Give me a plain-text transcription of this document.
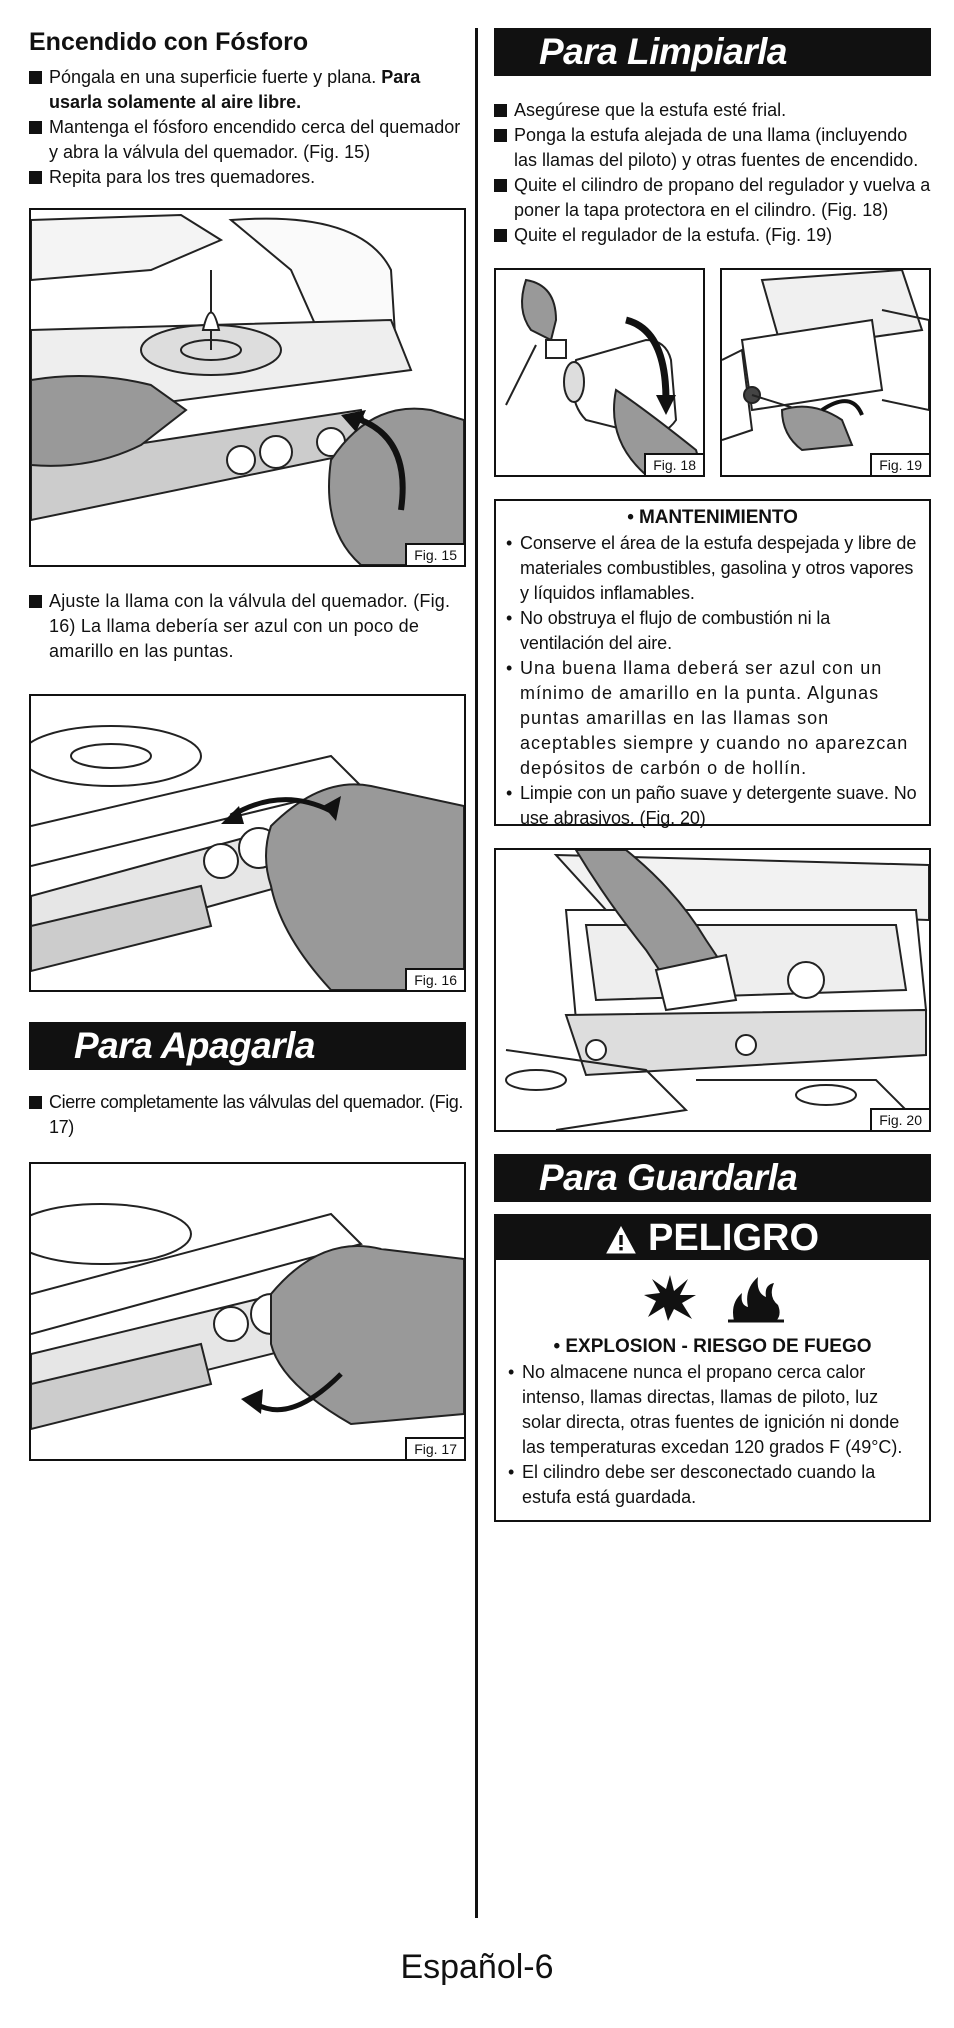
Encendido con Fósforo

Póngala en una superficie fuerte y plana. Para usarla solamente al aire libre.

Mantenga el fósforo encendido cerca del quemador y abra la válvula del quemador. (Fig. 15)

Repita para los tres quemadores.

Fig. 15

Ajuste la llama con la válvula del quemador. (Fig. 16) La llama debería ser azul con un poco de amarillo en las puntas.

Fig. 16
Para Apagarla

Cierre completamente las válvulas del quemador. (Fig. 17)

Fig. 17
Para Limpiarla

Asegúrese que la estufa esté frial.

Ponga la estufa alejada de una llama (incluyendo las llamas del piloto) y otras fuentes de encendido.

Quite el cilindro de propano del regulador y vuelva a poner la tapa protectora en el cilindro. (Fig. 18)

Quite el regulador de la estufa. (Fig. 19)

Fig. 18	Fig. 19
• MANTENIMIENTO
• Conserve el área de la estufa despejada y libre de materiales combustibles, gasolina y otros vapores y líquidos inflamables.
• No obstruya el flujo de combustión ni la ventilación del aire.
• Una buena llama deberá ser azul con un mínimo de amarillo en la punta. Algunas puntas amarillas en las llamas son aceptables siempre y cuando no aparezcan depósitos de carbón o de hollín.
• Limpie con un paño suave y detergente suave. No use abrasivos. (Fig. 20)
Fig. 20
Para Guardarla
PELIGRO
• EXPLOSION - RIESGO DE FUEGO
• No almacene nunca el propano cerca calor intenso, llamas directas, llamas de piloto, luz solar directa, otras fuentes de ignición ni donde las temperaturas excedan 120 grados F (49°C).
• El cilindro debe ser desconectado cuando la estufa está guardada.
Español-6
